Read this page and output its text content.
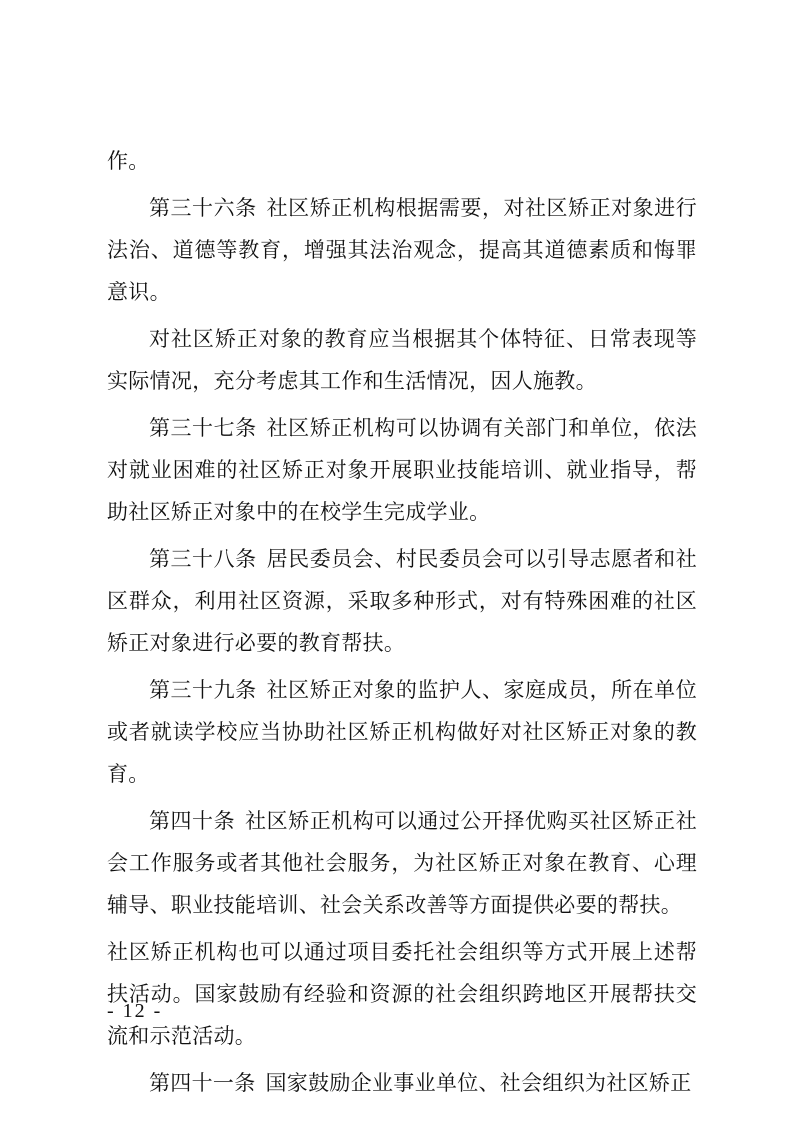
作。

第三十六条 社区矫正机构根据需要，对社区矫正对象进行法治、道德等教育，增强其法治观念，提高其道德素质和悔罪意识。

对社区矫正对象的教育应当根据其个体特征、日常表现等实际情况，充分考虑其工作和生活情况，因人施教。

第三十七条 社区矫正机构可以协调有关部门和单位，依法对就业困难的社区矫正对象开展职业技能培训、就业指导，帮助社区矫正对象中的在校学生完成学业。

第三十八条 居民委员会、村民委员会可以引导志愿者和社区群众，利用社区资源，采取多种形式，对有特殊困难的社区矫正对象进行必要的教育帮扶。

第三十九条 社区矫正对象的监护人、家庭成员，所在单位或者就读学校应当协助社区矫正机构做好对社区矫正对象的教育。

第四十条 社区矫正机构可以通过公开择优购买社区矫正社会工作服务或者其他社会服务，为社区矫正对象在教育、心理辅导、职业技能培训、社会关系改善等方面提供必要的帮扶。

社区矫正机构也可以通过项目委托社会组织等方式开展上述帮扶活动。国家鼓励有经验和资源的社会组织跨地区开展帮扶交流和示范活动。

第四十一条 国家鼓励企业事业单位、社会组织为社区矫正

- 12 -
